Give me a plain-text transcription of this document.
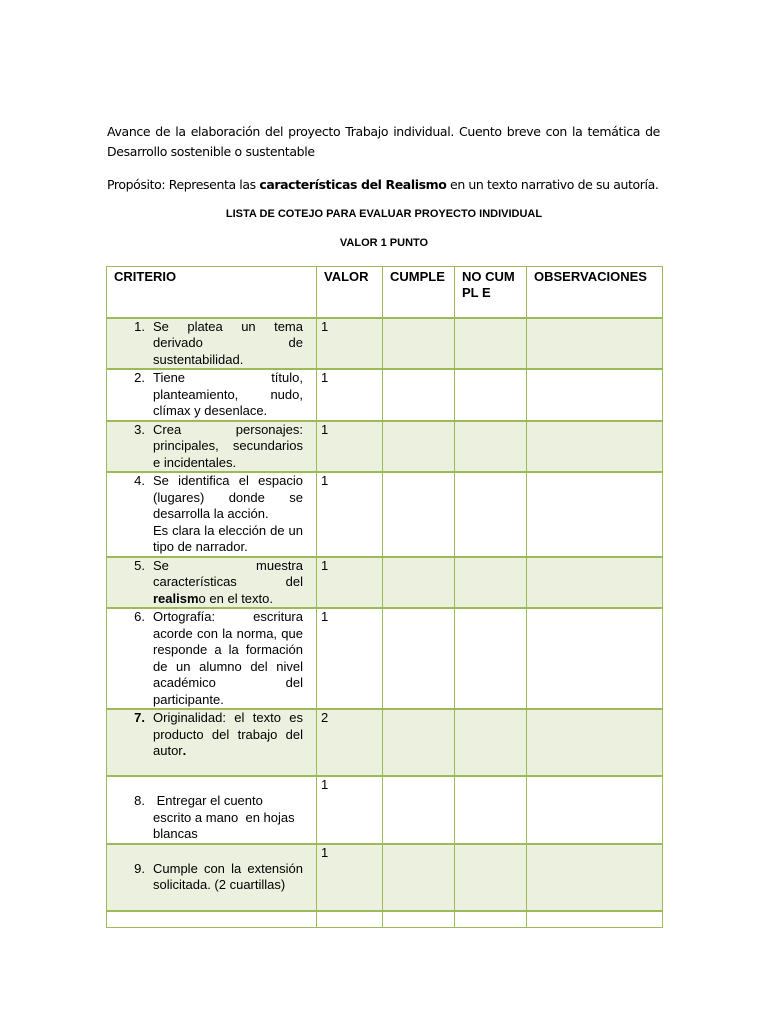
Avance de la elaboración del proyecto Trabajo individual. Cuento breve con la temática de Desarrollo sostenible o sustentable
Propósito: Representa las características del Realismo en un texto narrativo de su autoría.
LISTA DE COTEJO PARA EVALUAR PROYECTO INDIVIDUAL
VALOR 1 PUNTO
CRITERIO	VALOR	CUMPLE	NO CUMPL E	OBSERVACIONES
1. Se platea un tema derivado de sustentabilidad.	1			
2. Tiene título, planteamiento, nudo, clímax y desenlace.	1			
3. Crea personajes: principales, secundarios e incidentales.	1			
4. Se identifica el espacio (lugares) donde se desarrolla la acción.
Es clara la elección de un tipo de narrador.	1			
5. Se muestra características del realismo en el texto.	1			
6. Ortografía: escritura acorde con la norma, que responde a la formación de un alumno del nivel académico del participante.	1			
7. Originalidad: el texto es producto del trabajo del autor.	2			
8. Entregar el cuento escrito a mano  en hojas blancas	1			
9. Cumple con la extensión solicitada. (2 cuartillas)	1			
